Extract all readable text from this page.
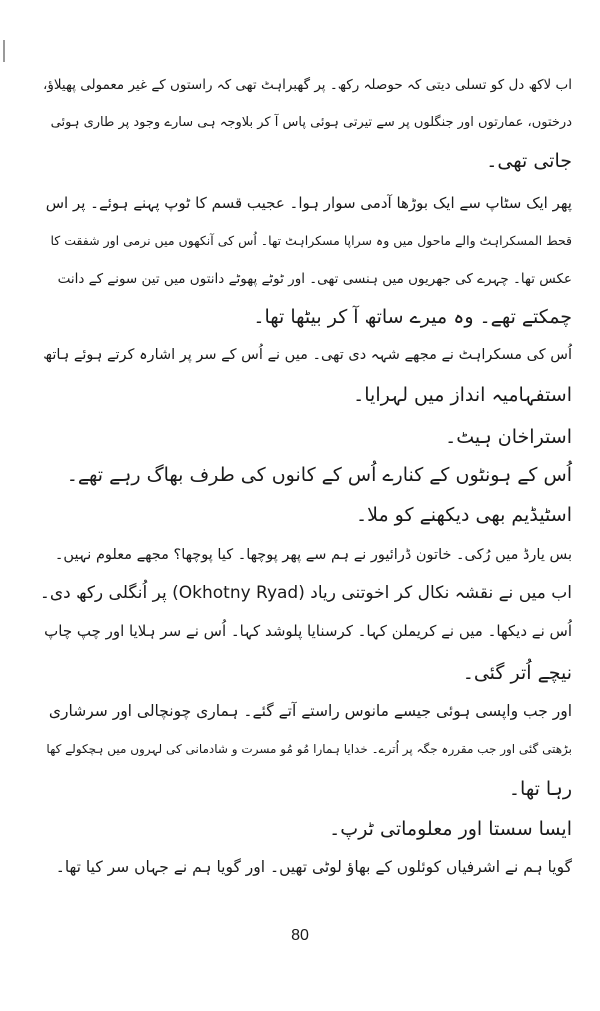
اب لاکھ دل کو تسلی دیتی کہ حوصلہ رکھ۔ پر گھبراہٹ تھی کہ راستوں کے غیر معمولی پھیلاؤ،
درختوں، عمارتوں اور جنگلوں پر سے تیرتی ہوئی پاس آ کر بلاوجہ ہی سارے وجود پر طاری ہوئی
جاتی تھی۔
پھر ایک سٹاپ سے ایک بوڑھا آدمی سوار ہوا۔ عجیب قسم کا ٹوپ پہنے ہوئے۔ پر اس
قحط المسکراہٹ والے ماحول میں وہ سراپا مسکراہٹ تھا۔ اُس کی آنکھوں میں نرمی اور شفقت کا
عکس تھا۔ چہرے کی جھریوں میں ہنسی تھی۔ اور ٹوٹے پھوٹے دانتوں میں تین سونے کے دانت
چمکتے تھے۔ وہ میرے ساتھ آ کر بیٹھا تھا۔
اُس کی مسکراہٹ نے مجھے شہہ دی تھی۔ میں نے اُس کے سر پر اشارہ کرتے ہوئے ہاتھ
استفہامیہ انداز میں لہرایا۔
استراخان ہیٹ۔
اُس کے ہونٹوں کے کنارے اُس کے کانوں کی طرف بھاگ رہے تھے۔
اسٹیڈیم بھی دیکھنے کو ملا۔
بس یارڈ میں رُکی۔ خاتون ڈرائیور نے ہم سے پھر پوچھا۔ کیا پوچھا؟ مجھے معلوم نہیں۔
اب میں نے نقشہ نکال کر اخوتنی ریاد (Okhotny Ryad) پر اُنگلی رکھ دی۔
اُس نے دیکھا۔ میں نے کریملن کہا۔ کرسنایا پلوشد کہا۔ اُس نے سر ہلایا اور چپ چاپ
نیچے اُتر گئی۔
اور جب واپسی ہوئی جیسے مانوس راستے آتے گئے۔ ہماری چونچالی اور سرشاری
بڑھتی گئی اور جب مقررہ جگہ پر اُترے۔ خدایا ہمارا مُو مُو مسرت و شادمانی کی لہروں میں ہچکولے کھا
رہا تھا۔
ایسا سستا اور معلوماتی ٹرپ۔
گویا ہم نے اشرفیاں کوئلوں کے بھاؤ لوٹی تھیں۔ اور گویا ہم نے جہاں سر کیا تھا۔
80
